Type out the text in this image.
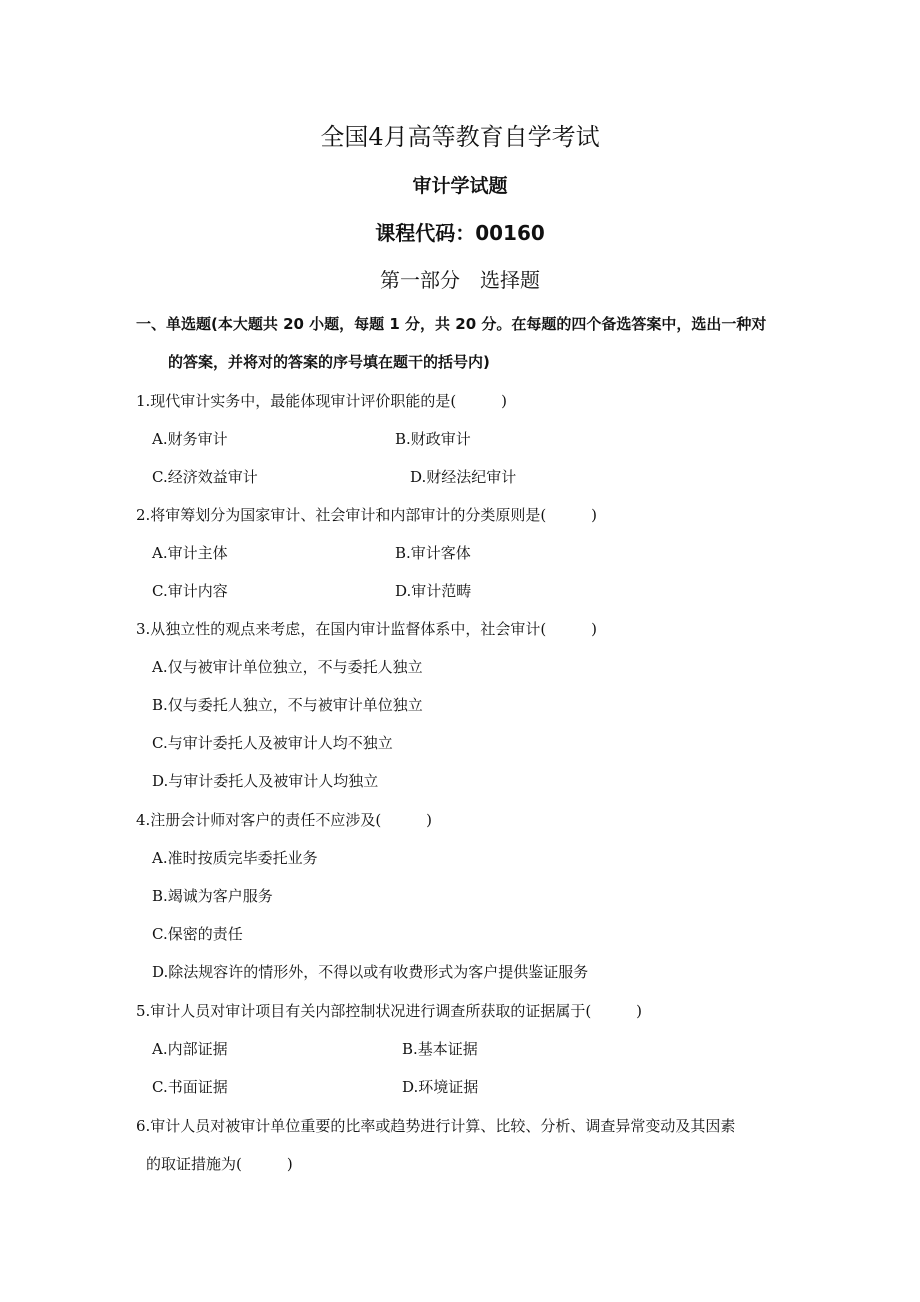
全国4月高等教育自学考试
审计学试题
课程代码：00160
第一部分　选择题
一、单选题(本大题共 20 小题，每题 1 分，共 20 分。在每题的四个备选答案中，选出一种对
的答案，并将对的答案的序号填在题干的括号内)
1.现代审计实务中，最能体现审计评价职能的是(　　　)
A.财务审计	B.财政审计
C.经济效益审计	D.财经法纪审计
2.将审筹划分为国家审计、社会审计和内部审计的分类原则是(　　　)
A.审计主体	B.审计客体
C.审计内容	D.审计范畴
3.从独立性的观点来考虑，在国内审计监督体系中，社会审计(　　　)
A.仅与被审计单位独立，不与委托人独立
B.仅与委托人独立，不与被审计单位独立
C.与审计委托人及被审计人均不独立
D.与审计委托人及被审计人均独立
4.注册会计师对客户的责任不应涉及(　　　)
A.准时按质完毕委托业务
B.竭诚为客户服务
C.保密的责任
D.除法规容许的情形外，不得以或有收费形式为客户提供鉴证服务
5.审计人员对审计项目有关内部控制状况进行调查所获取的证据属于(　　　)
A.内部证据	B.基本证据
C.书面证据	D.环境证据
6.审计人员对被审计单位重要的比率或趋势进行计算、比较、分析、调查异常变动及其因素
的取证措施为(　　　)
